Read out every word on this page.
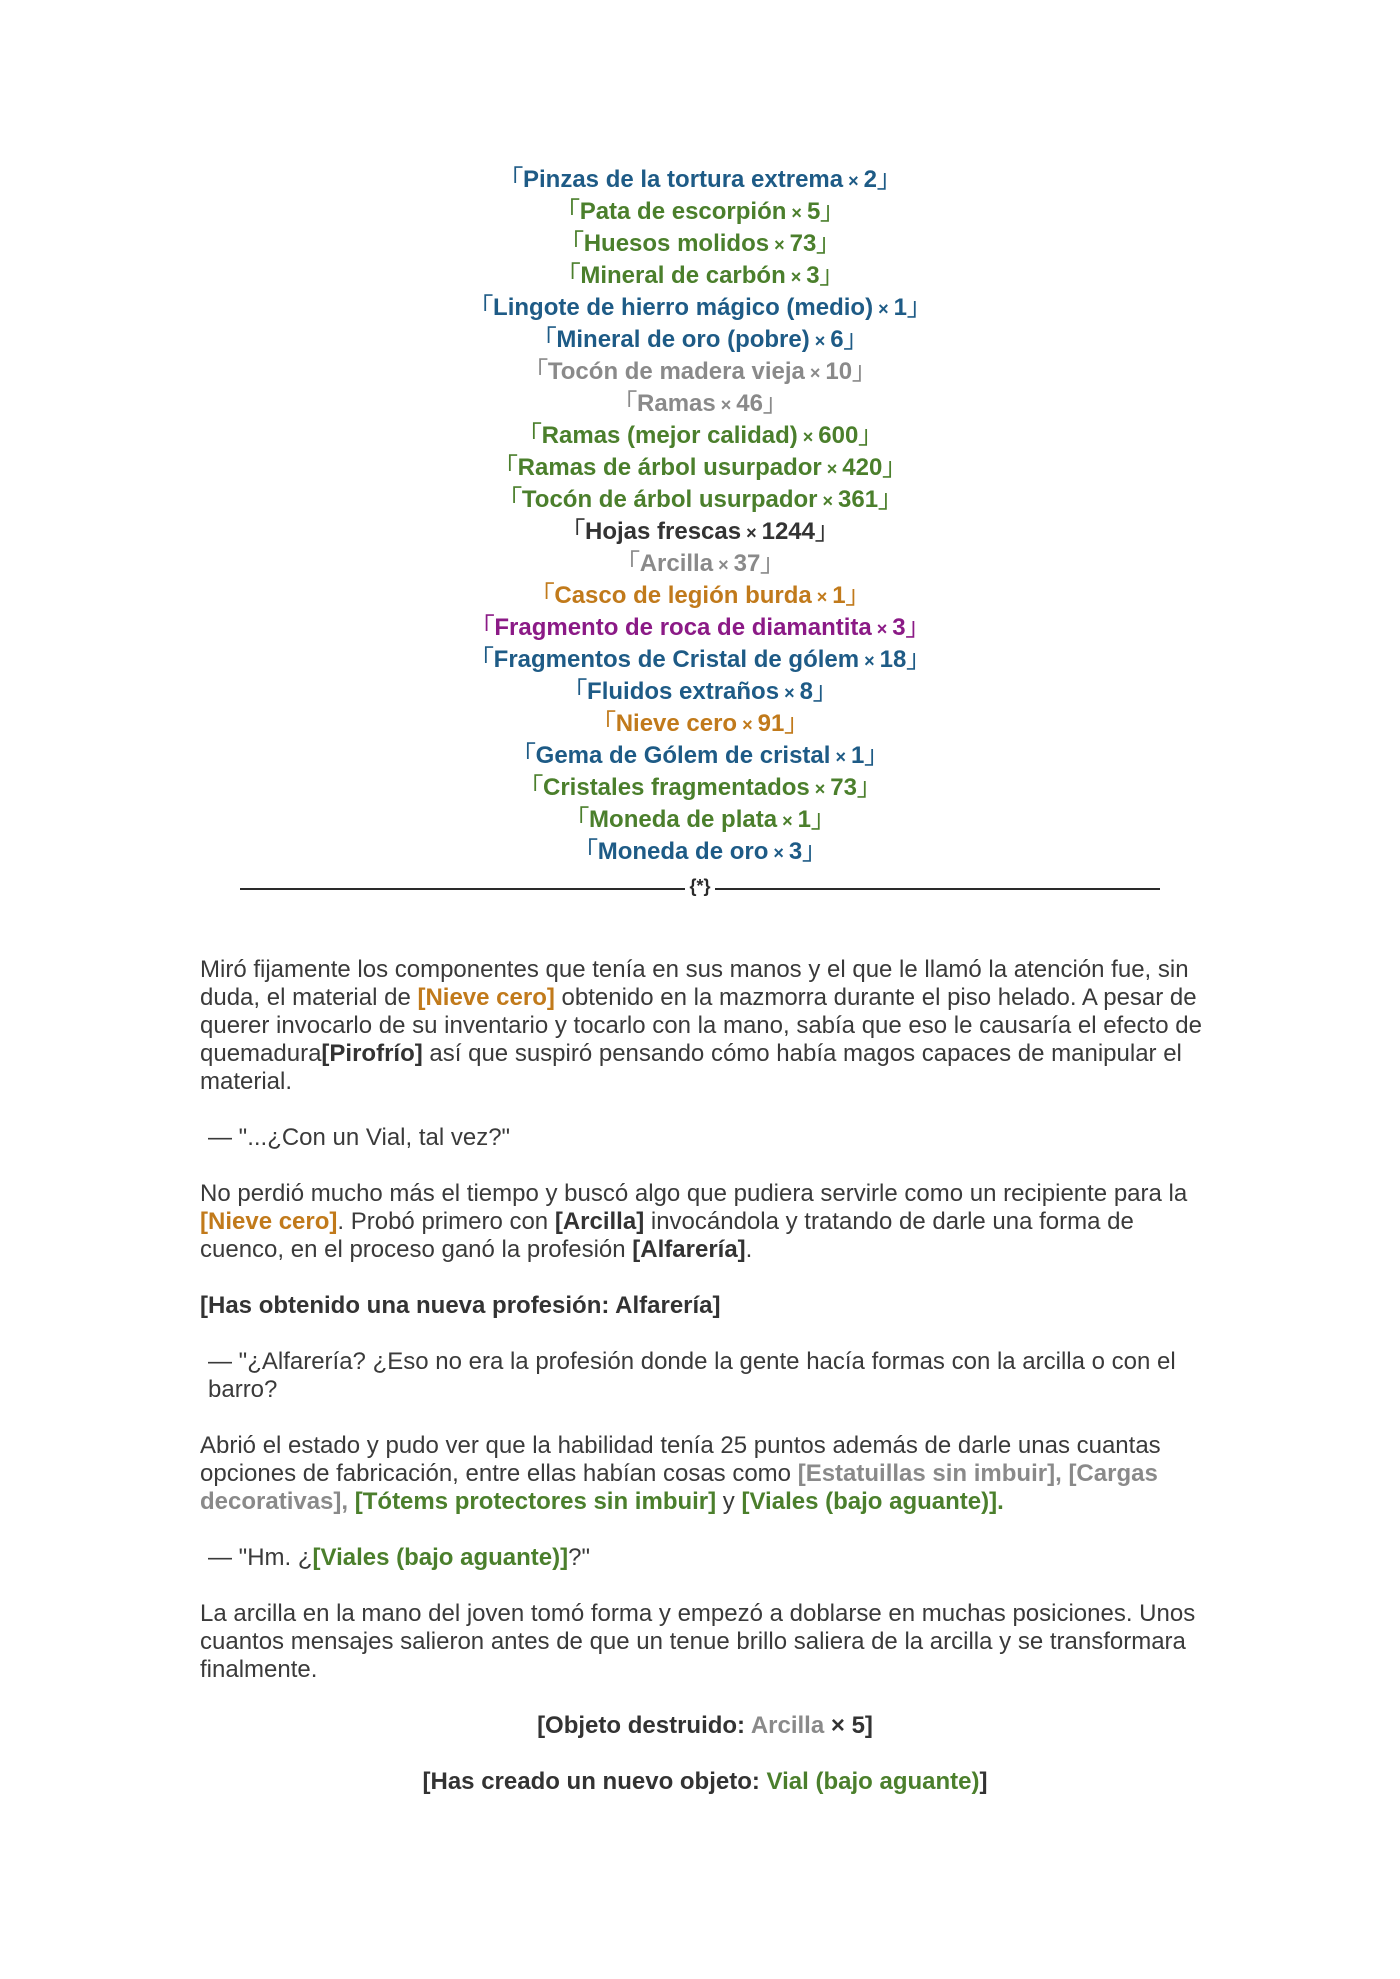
「Pinzas de la tortura extrema × 2」
「Pata de escorpión × 5」
「Huesos molidos × 73」
「Mineral de carbón × 3」
「Lingote de hierro mágico (medio) × 1」
「Mineral de oro (pobre) × 6」
「Tocón de madera vieja × 10」
「Ramas × 46」
「Ramas (mejor calidad) × 600」
「Ramas de árbol usurpador × 420」
「Tocón de árbol usurpador × 361」
「Hojas frescas × 1244」
「Arcilla × 37」
「Casco de legión burda × 1」
「Fragmento de roca de diamantita × 3」
「Fragmentos de Cristal de gólem × 18」
「Fluidos extraños × 8」
「Nieve cero × 91」
「Gema de Gólem de cristal × 1」
「Cristales fragmentados × 73」
「Moneda de plata × 1」
「Moneda de oro × 3」
{*}

Miró fijamente los componentes que tenía en sus manos y el que le llamó la atención fue, sin duda, el material de [Nieve cero] obtenido en la mazmorra durante el piso helado. A pesar de querer invocarlo de su inventario y tocarlo con la mano, sabía que eso le causaría el efecto de quemadura[Pirofrío] así que suspiró pensando cómo había magos capaces de manipular el material.

— "...¿Con un Vial, tal vez?"

No perdió mucho más el tiempo y buscó algo que pudiera servirle como un recipiente para la [Nieve cero]. Probó primero con [Arcilla] invocándola y tratando de darle una forma de cuenco, en el proceso ganó la profesión [Alfarería].

[Has obtenido una nueva profesión: Alfarería]

— "¿Alfarería? ¿Eso no era la profesión donde la gente hacía formas con la arcilla o con el barro?

Abrió el estado y pudo ver que la habilidad tenía 25 puntos además de darle unas cuantas opciones de fabricación, entre ellas habían cosas como [Estatuillas sin imbuir], [Cargas decorativas], [Tótems protectores sin imbuir] y [Viales (bajo aguante)].

— "Hm. ¿[Viales (bajo aguante)]?"

La arcilla en la mano del joven tomó forma y empezó a doblarse en muchas posiciones. Unos cuantos mensajes salieron antes de que un tenue brillo saliera de la arcilla y se transformara finalmente.

[Objeto destruido: Arcilla × 5]

[Has creado un nuevo objeto: Vial (bajo aguante)]
